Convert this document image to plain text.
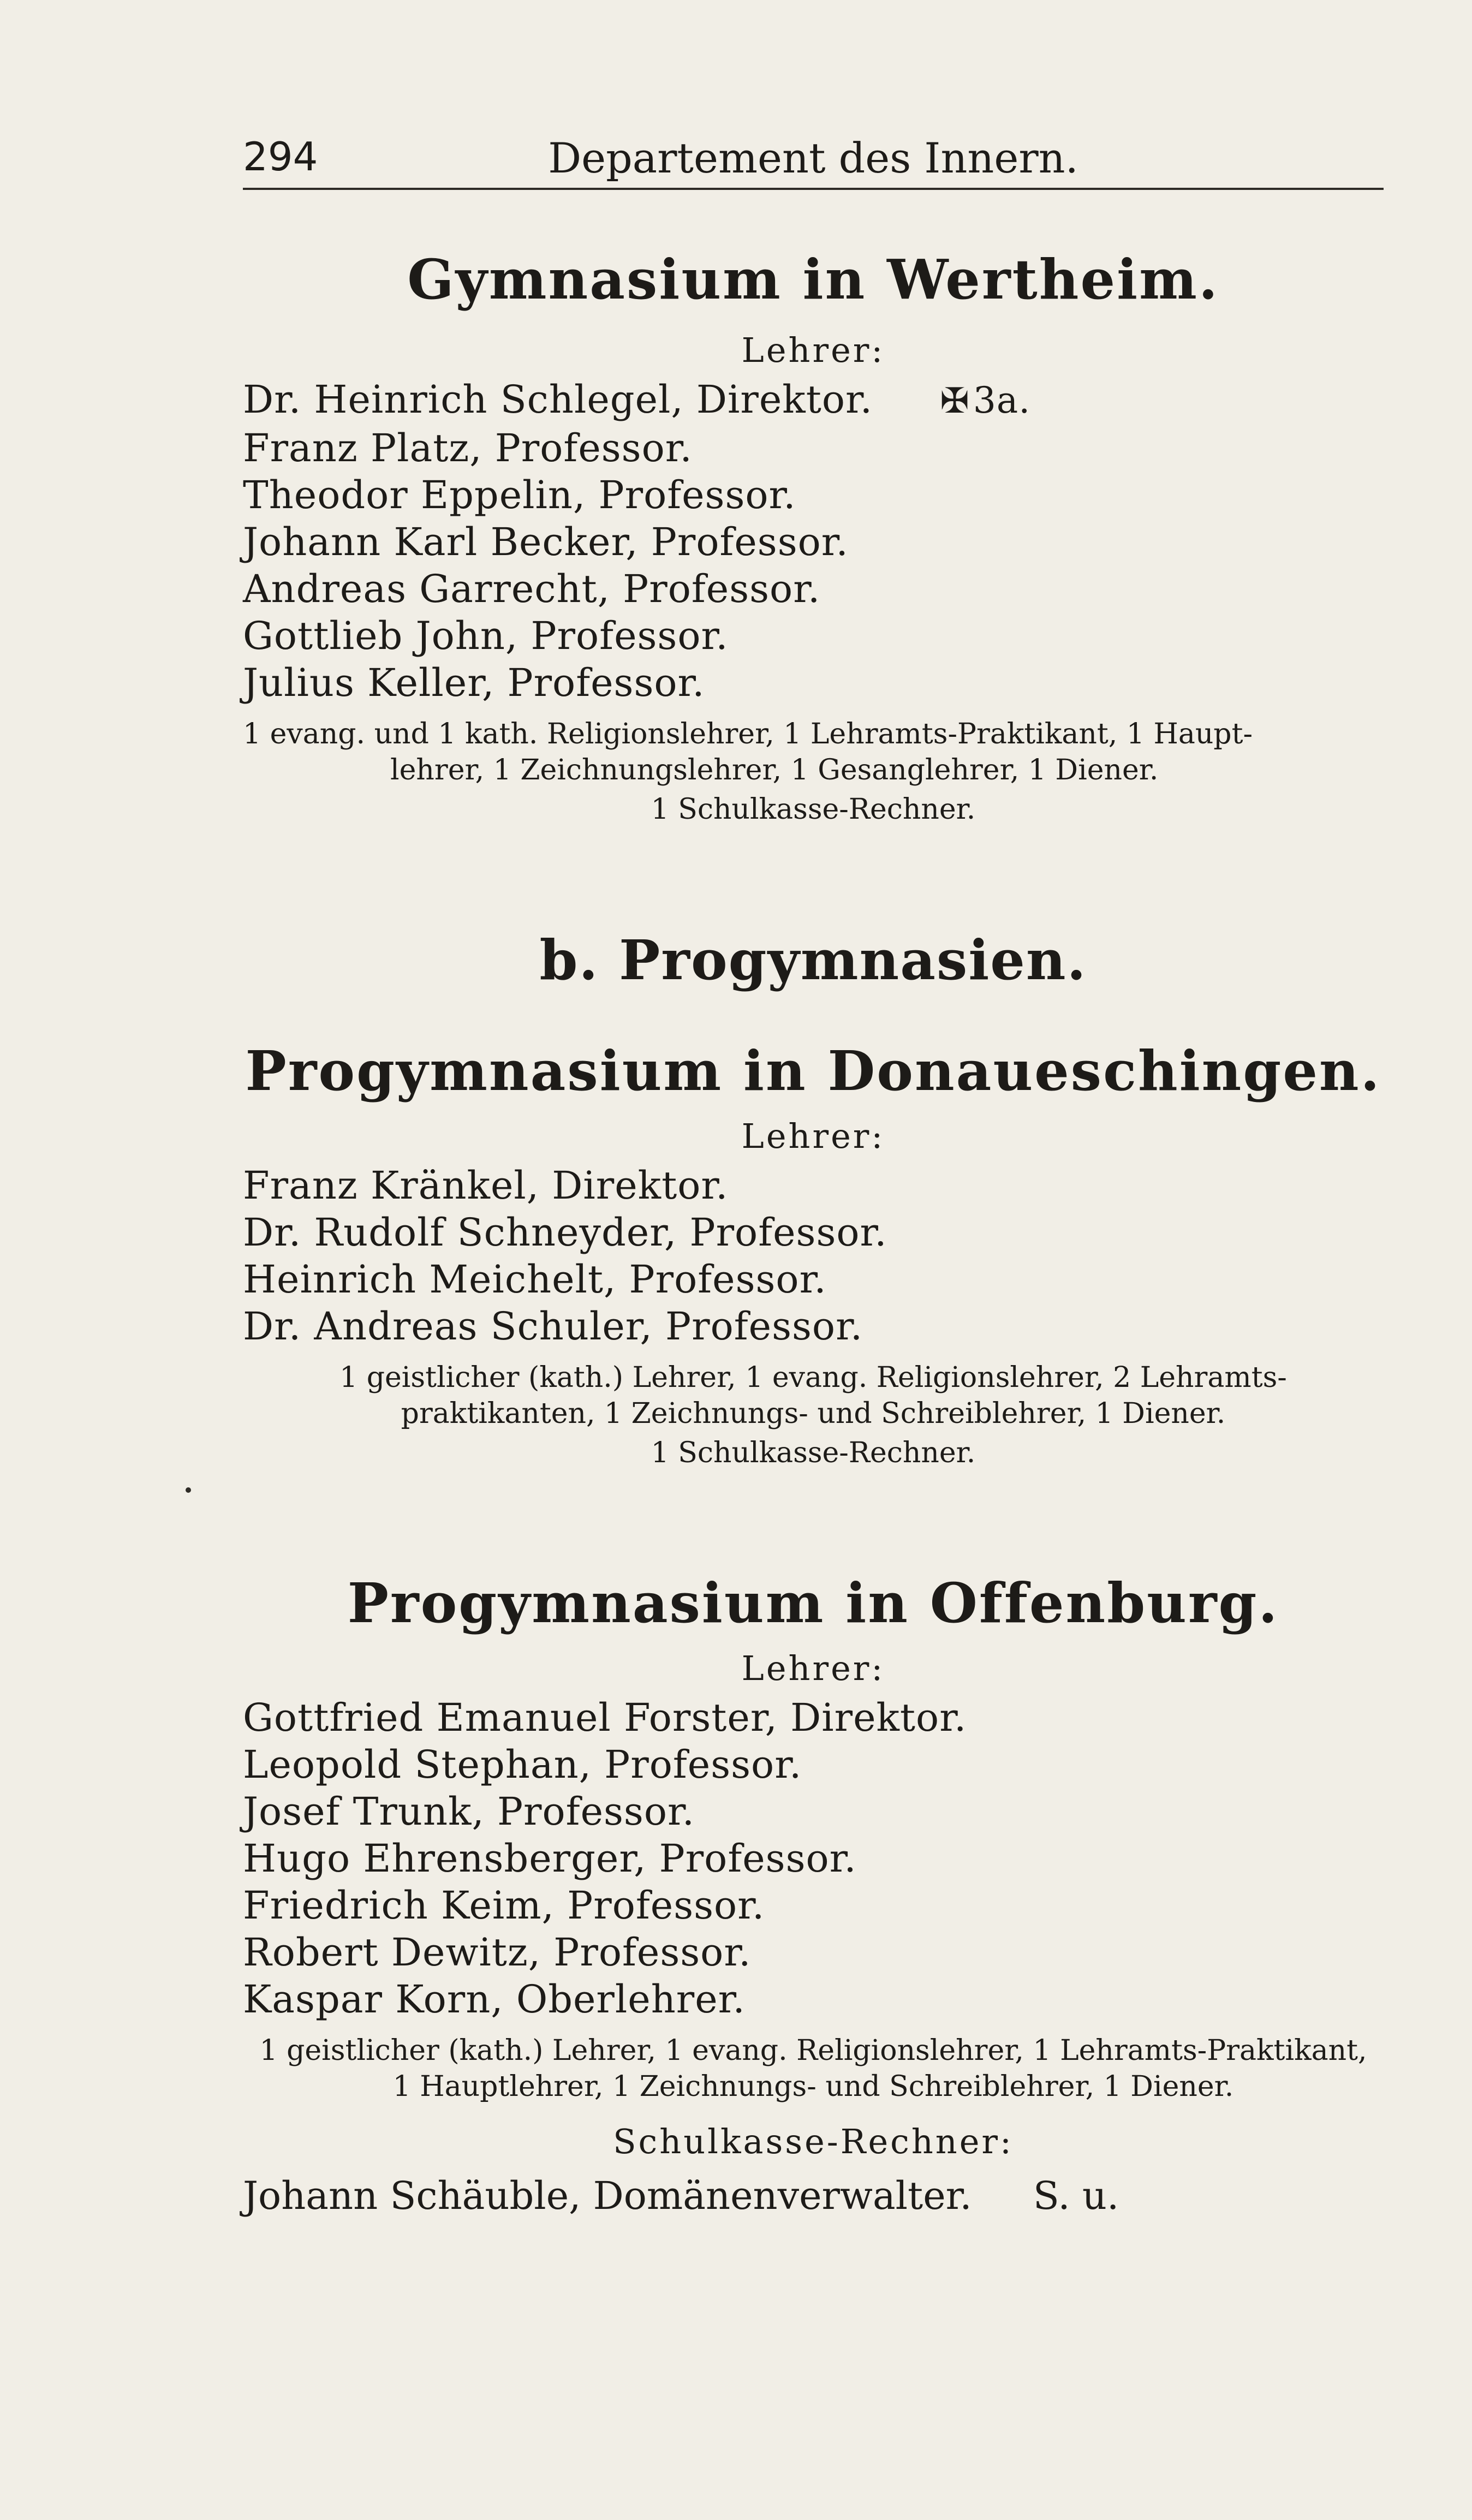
294	Departement des Innern.
Gymnasium in Wertheim.
Lehrer:
Dr. Heinrich Schlegel, Direktor. ✠3a.
Franz Platz, Professor.
Theodor Eppelin, Professor.
Johann Karl Becker, Professor.
Andreas Garrecht, Professor.
Gottlieb John, Professor.
Julius Keller, Professor.
1 evang. und 1 kath. Religionslehrer, 1 Lehramts-Praktikant, 1 Haupt-
lehrer, 1 Zeichnungslehrer, 1 Gesanglehrer, 1 Diener.
1 Schulkasse-Rechner.
b. Progymnasien.
Progymnasium in Donaueschingen.
Lehrer:
Franz Kränkel, Direktor.
Dr. Rudolf Schneyder, Professor.
Heinrich Meichelt, Professor.
Dr. Andreas Schuler, Professor.
1 geistlicher (kath.) Lehrer, 1 evang. Religionslehrer, 2 Lehramts-
praktikanten, 1 Zeichnungs- und Schreiblehrer, 1 Diener.
1 Schulkasse-Rechner.
Progymnasium in Offenburg.
Lehrer:
Gottfried Emanuel Forster, Direktor.
Leopold Stephan, Professor.
Josef Trunk, Professor.
Hugo Ehrensberger, Professor.
Friedrich Keim, Professor.
Robert Dewitz, Professor.
Kaspar Korn, Oberlehrer.
1 geistlicher (kath.) Lehrer, 1 evang. Religionslehrer, 1 Lehramts-Praktikant,
1 Hauptlehrer, 1 Zeichnungs- und Schreiblehrer, 1 Diener.
Schulkasse-Rechner:
Johann Schäuble, Domänenverwalter. S. u.
